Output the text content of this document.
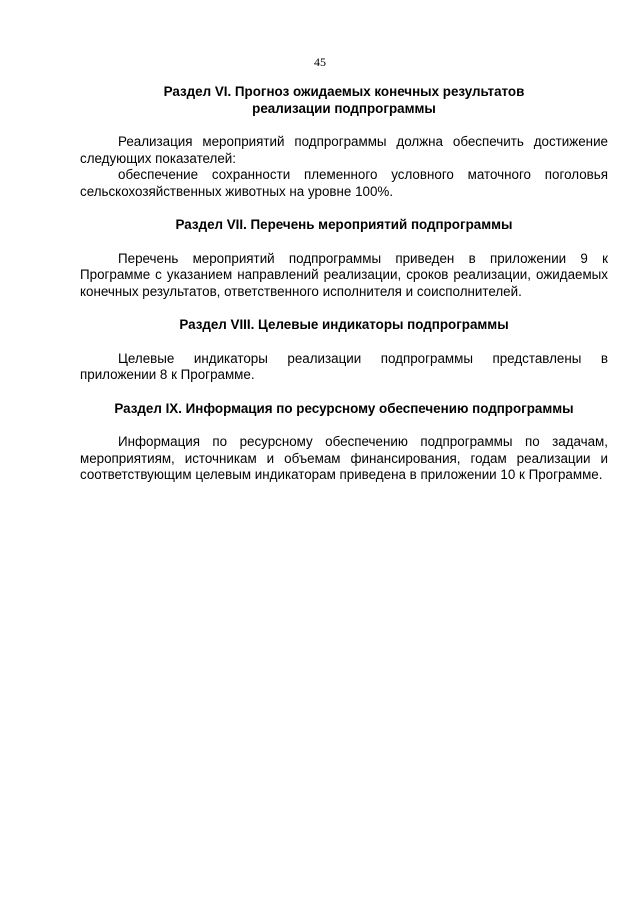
45
Раздел VI. Прогноз ожидаемых конечных результатов реализации подпрограммы

Реализация мероприятий подпрограммы должна обеспечить достижение следующих показателей:

обеспечение сохранности племенного условного маточного поголовья сельскохозяйственных животных на уровне 100%.

Раздел VII. Перечень мероприятий подпрограммы

Перечень мероприятий подпрограммы приведен в приложении 9 к Программе с указанием направлений реализации, сроков реализации, ожидаемых конечных результатов, ответственного исполнителя и соисполнителей.

Раздел VIII. Целевые индикаторы подпрограммы

Целевые индикаторы реализации подпрограммы представлены в приложении 8 к Программе.

Раздел IX. Информация по ресурсному обеспечению подпрограммы

Информация по ресурсному обеспечению подпрограммы по задачам, мероприятиям, источникам и объемам финансирования, годам реализации и соответствующим целевым индикаторам приведена в приложении 10 к Программе.
